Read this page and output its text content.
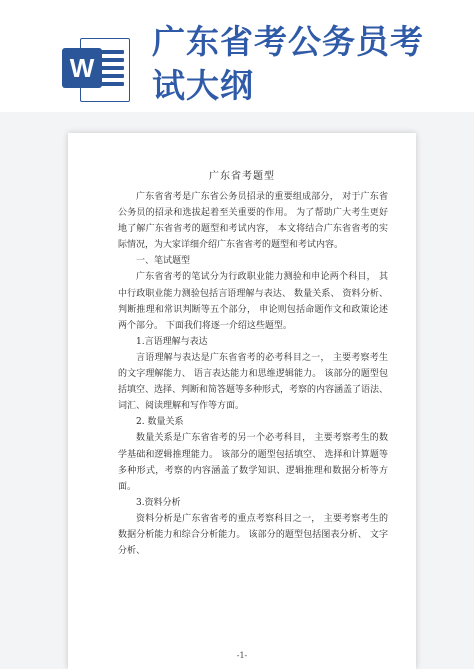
W
广东省考公务员考
试大纲
广东省考题型

广东省省考是广东省公务员招录的重要组成部分， 对于广东省公务员的招录和选拔起着至关重要的作用。 为了帮助广大考生更好地了解广东省省考的题型和考试内容， 本文将结合广东省省考的实际情况，为大家详细介绍广东省省考的题型和考试内容。

一、笔试题型

广东省省考的笔试分为行政职业能力测验和申论两个科目， 其中行政职业能力测验包括言语理解与表达、 数量关系、 资料分析、 判断推理和常识判断等五个部分， 申论则包括命题作文和政策论述两个部分。 下面我们将逐一介绍这些题型。

1.言语理解与表达

言语理解与表达是广东省省考的必考科目之一， 主要考察考生的文字理解能力、 语言表达能力和思维逻辑能力。 该部分的题型包括填空、选择、判断和简答题等多种形式，考察的内容涵盖了语法、词汇、阅读理解和写作等方面。

2. 数量关系

数量关系是广东省省考的另一个必考科目， 主要考察考生的数学基础和逻辑推理能力。 该部分的题型包括填空、 选择和计算题等多种形式，考察的内容涵盖了数学知识、逻辑推理和数据分析等方面。

3.资料分析

资料分析是广东省省考的重点考察科目之一， 主要考察考生的数据分析能力和综合分析能力。 该部分的题型包括图表分析、 文字分析、

-1-
